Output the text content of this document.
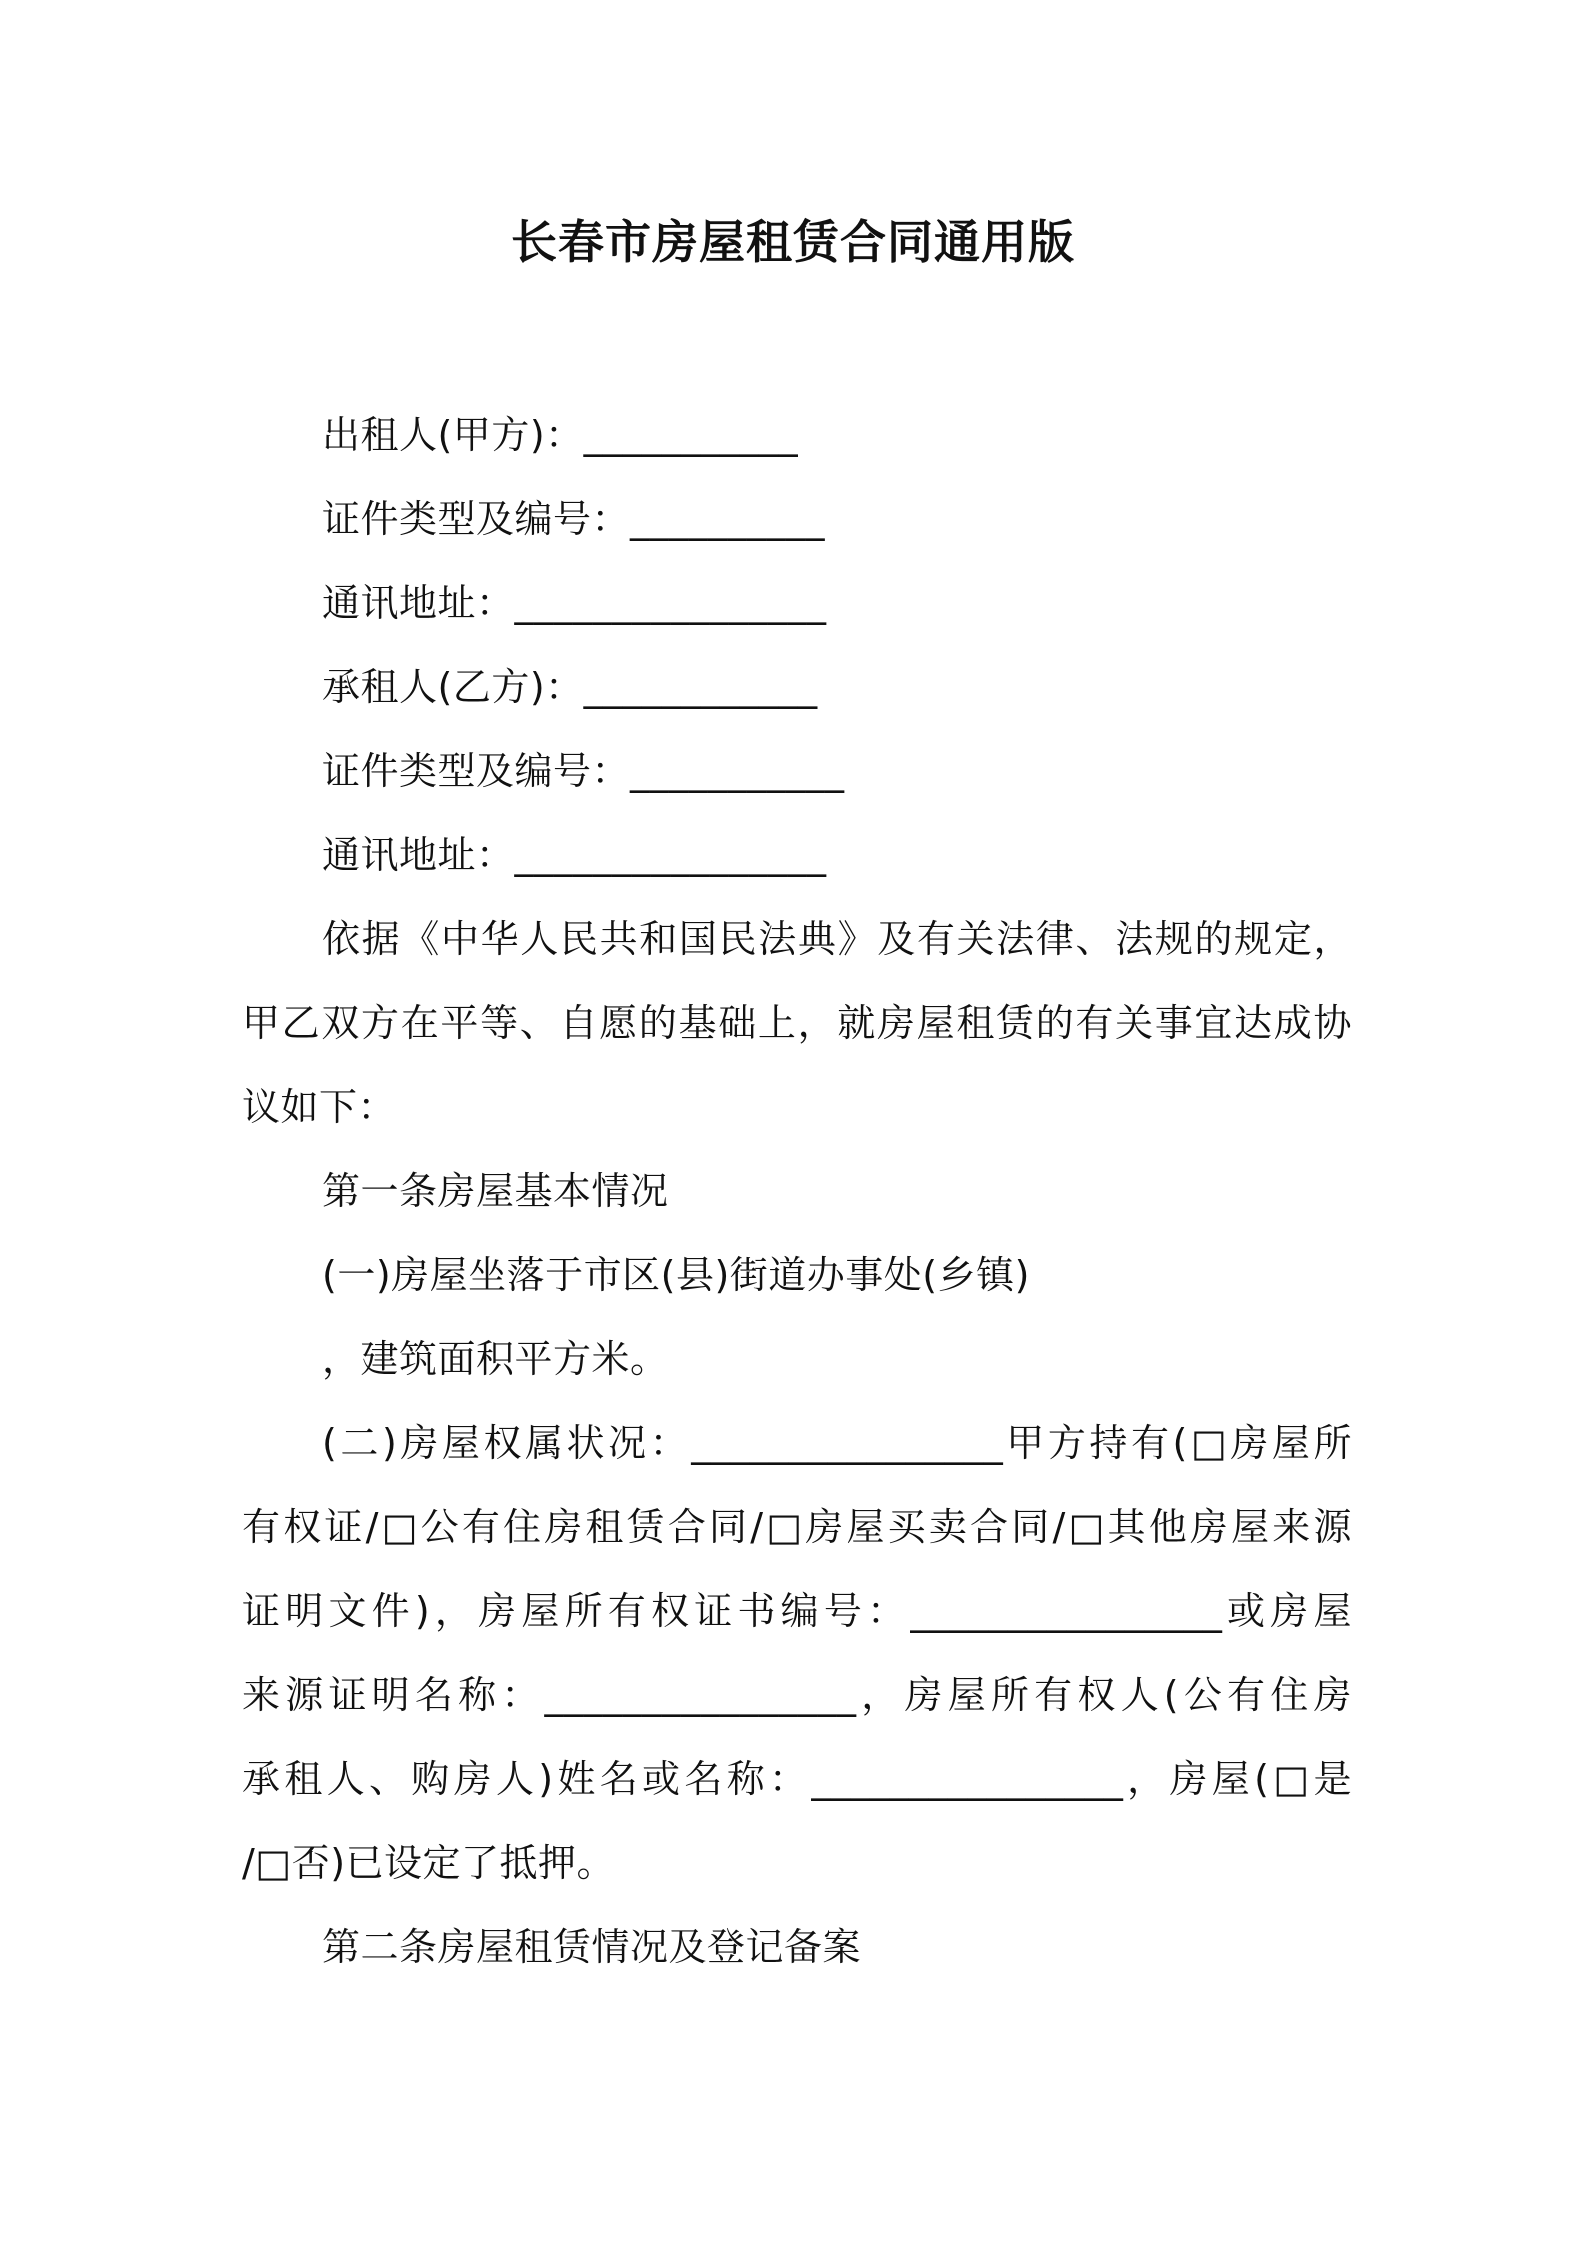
长春市房屋租赁合同通用版
出租人(甲方)：___________
证件类型及编号：__________
通讯地址：________________
承租人(乙方)：____________
证件类型及编号：___________
通讯地址：________________
依据《中华人民共和国民法典》及有关法律、法规的规定，
甲乙双方在平等、自愿的基础上，就房屋租赁的有关事宜达成协
议如下：
第一条房屋基本情况
(一)房屋坐落于市区(县)街道办事处(乡镇)
，建筑面积平方米。
(二)房屋权属状况：________________甲方持有(□房屋所
有权证/□公有住房租赁合同/□房屋买卖合同/□其他房屋来源
证明文件)，房屋所有权证书编号：________________或房屋
来源证明名称：________________，房屋所有权人(公有住房
承租人、购房人)姓名或名称：________________，房屋(□是
/□否)已设定了抵押。
第二条房屋租赁情况及登记备案
